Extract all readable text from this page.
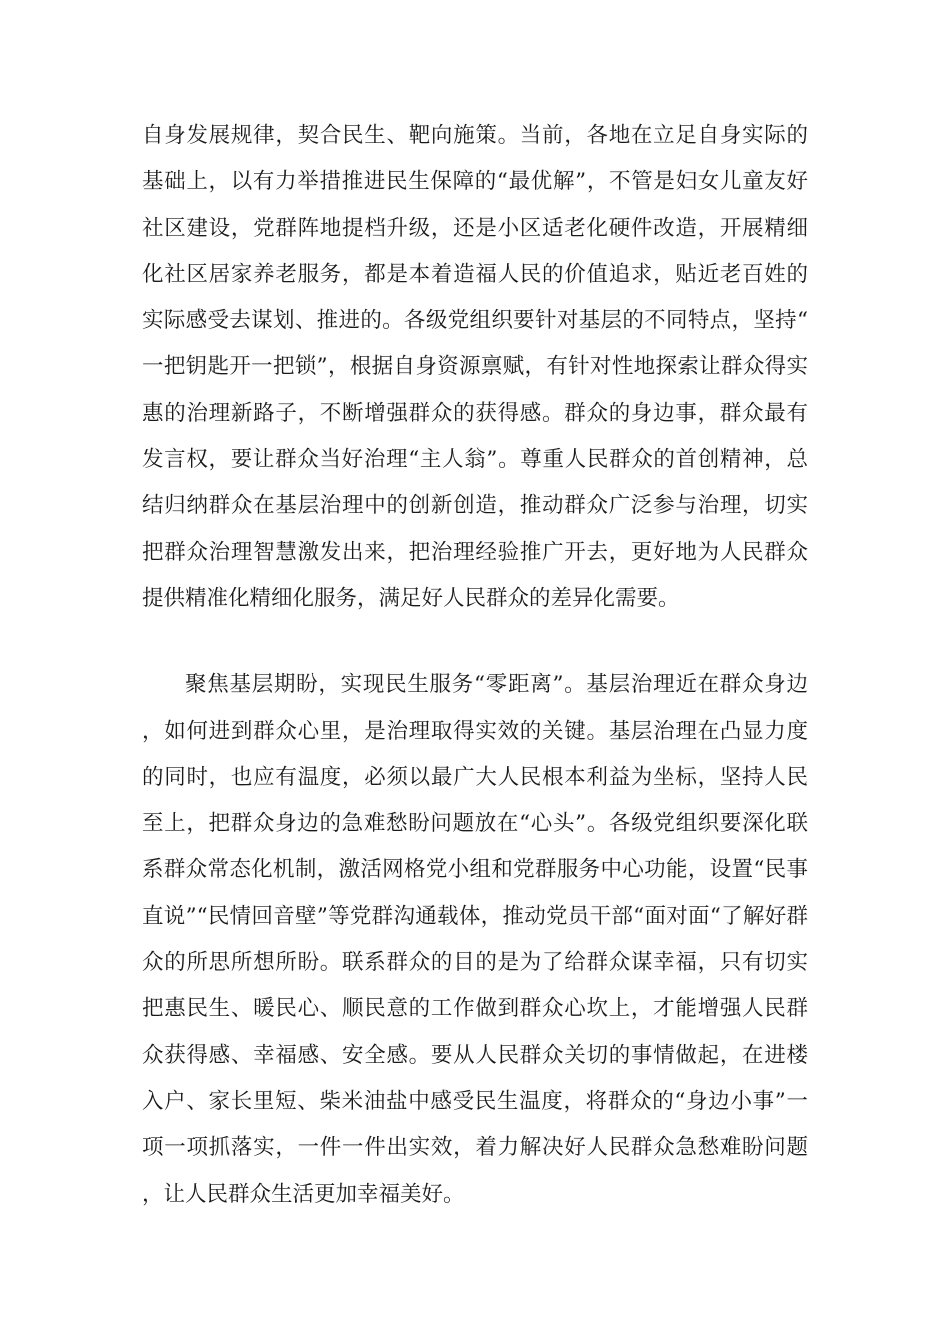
自身发展规律，契合民生、靶向施策。当前，各地在立足自身实际的基础上，以有力举措推进民生保障的“最优解”，不管是妇女儿童友好社区建设，党群阵地提档升级，还是小区适老化硬件改造，开展精细化社区居家养老服务，都是本着造福人民的价值追求，贴近老百姓的实际感受去谋划、推进的。各级党组织要针对基层的不同特点，坚持“一把钥匙开一把锁”，根据自身资源禀赋，有针对性地探索让群众得实惠的治理新路子，不断增强群众的获得感。群众的身边事，群众最有发言权，要让群众当好治理“主人翁”。尊重人民群众的首创精神，总结归纳群众在基层治理中的创新创造，推动群众广泛参与治理，切实把群众治理智慧激发出来，把治理经验推广开去，更好地为人民群众提供精准化精细化服务，满足好人民群众的差异化需要。

聚焦基层期盼，实现民生服务“零距离”。基层治理近在群众身边，如何进到群众心里，是治理取得实效的关键。基层治理在凸显力度的同时，也应有温度，必须以最广大人民根本利益为坐标，坚持人民至上，把群众身边的急难愁盼问题放在“心头”。各级党组织要深化联系群众常态化机制，激活网格党小组和党群服务中心功能，设置“民事直说”“民情回音壁”等党群沟通载体，推动党员干部“面对面“了解好群众的所思所想所盼。联系群众的目的是为了给群众谋幸福，只有切实把惠民生、暖民心、顺民意的工作做到群众心坎上，才能增强人民群众获得感、幸福感、安全感。要从人民群众关切的事情做起，在进楼入户、家长里短、柴米油盐中感受民生温度，将群众的“身边小事”一项一项抓落实，一件一件出实效，着力解决好人民群众急愁难盼问题，让人民群众生活更加幸福美好。
